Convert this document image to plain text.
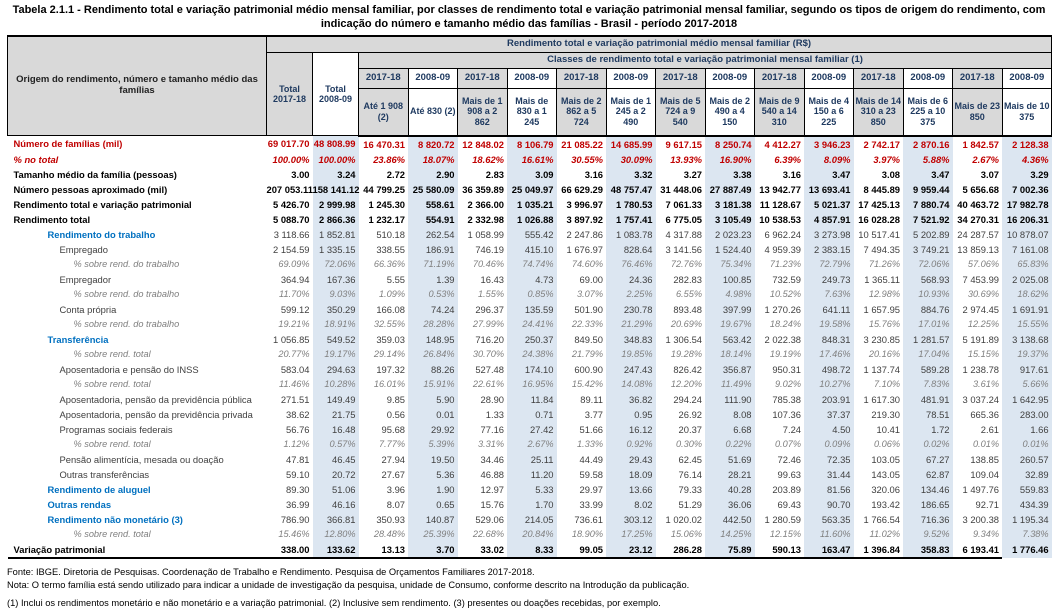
Tabela 2.1.1 - Rendimento total e variação patrimonial médio mensal familiar, por classes de rendimento total e variação patrimonial mensal familiar, segundo os tipos de origem do rendimento, com indicação do número e tamanho médio das famílias - Brasil - período 2017-2018
Origem do rendimento, número e tamanho médio das famílias	Rendimento total e variação patrimonial médio mensal familiar (R$)															
	Total 2017-18	Total 2008-09	Classes de rendimento total e variação patrimonial mensal familiar (1)													
			2017-18	2008-09	2017-18	2008-09	2017-18	2008-09	2017-18	2008-09	2017-18	2008-09	2017-18	2008-09	2017-18	2008-09
			Até 1 908 (2)	Até 830 (2)	Mais de 1 908 a 2 862	Mais de 830 a 1 245	Mais de 2 862 a 5 724	Mais de 1 245 a 2 490	Mais de 5 724 a 9 540	Mais de 2 490 a 4 150	Mais de 9 540 a 14 310	Mais de 4 150 a 6 225	Mais de 14 310 a 23 850	Mais de 6 225 a 10 375	Mais de 23 850	Mais de 10 375
Número de famílias (mil)	69 017.70	48 808.99	16 470.31	8 820.72	12 848.02	8 106.79	21 085.22	14 685.99	9 617.15	8 250.74	4 412.27	3 946.23	2 742.17	2 870.16	1 842.57	2 128.38
% no total	100.00%	100.00%	23.86%	18.07%	18.62%	16.61%	30.55%	30.09%	13.93%	16.90%	6.39%	8.09%	3.97%	5.88%	2.67%	4.36%
Tamanho médio da família (pessoas)	3.00	3.24	2.72	2.90	2.83	3.09	3.16	3.32	3.27	3.38	3.16	3.47	3.08	3.47	3.07	3.29
Número pessoas aproximado (mil)	207 053.11	158 141.12	44 799.25	25 580.09	36 359.89	25 049.97	66 629.29	48 757.47	31 448.06	27 887.49	13 942.77	13 693.41	8 445.89	9 959.44	5 656.68	7 002.36
Rendimento total e variação patrimonial	5 426.70	2 999.98	1 245.30	558.61	2 366.00	1 035.21	3 996.97	1 780.53	7 061.33	3 181.38	11 128.67	5 021.37	17 425.13	7 880.74	40 463.72	17 982.78
Rendimento total	5 088.70	2 866.36	1 232.17	554.91	2 332.98	1 026.88	3 897.92	1 757.41	6 775.05	3 105.49	10 538.53	4 857.91	16 028.28	7 521.92	34 270.31	16 206.31
Rendimento do trabalho	3 118.66	1 852.81	510.18	262.54	1 058.99	555.42	2 247.86	1 083.78	4 317.88	2 023.23	6 962.24	3 273.98	10 517.41	5 202.89	24 287.57	10 878.07
Empregado	2 154.59	1 335.15	338.55	186.91	746.19	415.10	1 676.97	828.64	3 141.56	1 524.40	4 959.39	2 383.15	7 494.35	3 749.21	13 859.13	7 161.08
% sobre rend. do trabalho	69.09%	72.06%	66.36%	71.19%	70.46%	74.74%	74.60%	76.46%	72.76%	75.34%	71.23%	72.79%	71.26%	72.06%	57.06%	65.83%
Empregador	364.94	167.36	5.55	1.39	16.43	4.73	69.00	24.36	282.83	100.85	732.59	249.73	1 365.11	568.93	7 453.99	2 025.08
% sobre rend. do trabalho	11.70%	9.03%	1.09%	0.53%	1.55%	0.85%	3.07%	2.25%	6.55%	4.98%	10.52%	7.63%	12.98%	10.93%	30.69%	18.62%
Conta própria	599.12	350.29	166.08	74.24	296.37	135.59	501.90	230.78	893.48	397.99	1 270.26	641.11	1 657.95	884.76	2 974.45	1 691.91
% sobre rend. do trabalho	19.21%	18.91%	32.55%	28.28%	27.99%	24.41%	22.33%	21.29%	20.69%	19.67%	18.24%	19.58%	15.76%	17.01%	12.25%	15.55%
Transferência	1 056.85	549.52	359.03	148.95	716.20	250.37	849.50	348.83	1 306.54	563.42	2 022.38	848.31	3 230.85	1 281.57	5 191.89	3 138.68
% sobre rend. total	20.77%	19.17%	29.14%	26.84%	30.70%	24.38%	21.79%	19.85%	19.28%	18.14%	19.19%	17.46%	20.16%	17.04%	15.15%	19.37%
Aposentadoria e pensão do INSS	583.04	294.63	197.32	88.26	527.48	174.10	600.90	247.43	826.42	356.87	950.31	498.72	1 137.74	589.28	1 238.78	917.61
% sobre rend. total	11.46%	10.28%	16.01%	15.91%	22.61%	16.95%	15.42%	14.08%	12.20%	11.49%	9.02%	10.27%	7.10%	7.83%	3.61%	5.66%
Aposentadoria, pensão da previdência pública	271.51	149.49	9.85	5.90	28.90	11.84	89.11	36.82	294.24	111.90	785.38	203.91	1 617.30	481.91	3 037.24	1 642.95
Aposentadoria, pensão da previdência privada	38.62	21.75	0.56	0.01	1.33	0.71	3.77	0.95	26.92	8.08	107.36	37.37	219.30	78.51	665.36	283.00
Programas sociais federais	56.76	16.48	95.68	29.92	77.16	27.42	51.66	16.12	20.37	6.68	7.24	4.50	10.41	1.72	2.61	1.66
% sobre rend. total	1.12%	0.57%	7.77%	5.39%	3.31%	2.67%	1.33%	0.92%	0.30%	0.22%	0.07%	0.09%	0.06%	0.02%	0.01%	0.01%
Pensão alimentícia, mesada ou doação	47.81	46.45	27.94	19.50	34.46	25.11	44.49	29.43	62.45	51.69	72.46	72.35	103.05	67.27	138.85	260.57
Outras transferências	59.10	20.72	27.67	5.36	46.88	11.20	59.58	18.09	76.14	28.21	99.63	31.44	143.05	62.87	109.04	32.89
Rendimento de aluguel	89.30	51.06	3.96	1.90	12.97	5.33	29.97	13.66	79.33	40.28	203.89	81.56	320.06	134.46	1 497.76	559.83
Outras rendas	36.99	46.16	8.07	0.65	15.76	1.70	33.99	8.02	51.29	36.06	69.43	90.70	193.42	186.65	92.71	434.39
Rendimento não monetário (3)	786.90	366.81	350.93	140.87	529.06	214.05	736.61	303.12	1 020.02	442.50	1 280.59	563.35	1 766.54	716.36	3 200.38	1 195.34
% sobre rend. total	15.46%	12.80%	28.48%	25.39%	22.68%	20.84%	18.90%	17.25%	15.06%	14.25%	12.15%	11.60%	11.02%	9.52%	9.34%	7.38%
Variação patrimonial	338.00	133.62	13.13	3.70	33.02	8.33	99.05	23.12	286.28	75.89	590.13	163.47	1 396.84	358.83	6 193.41	1 776.46
Fonte: IBGE. Diretoria de Pesquisas. Coordenação de Trabalho e Rendimento. Pesquisa de Orçamentos Familiares 2017-2018.
Nota: O termo família está sendo utilizado para indicar a unidade de investigação da pesquisa, unidade de Consumo, conforme descrito na Introdução da publicação.
(1) Inclui os rendimentos monetário e não monetário e a variação patrimonial. (2) Inclusive sem rendimento. (3) presentes ou doações recebidas, por exemplo.
